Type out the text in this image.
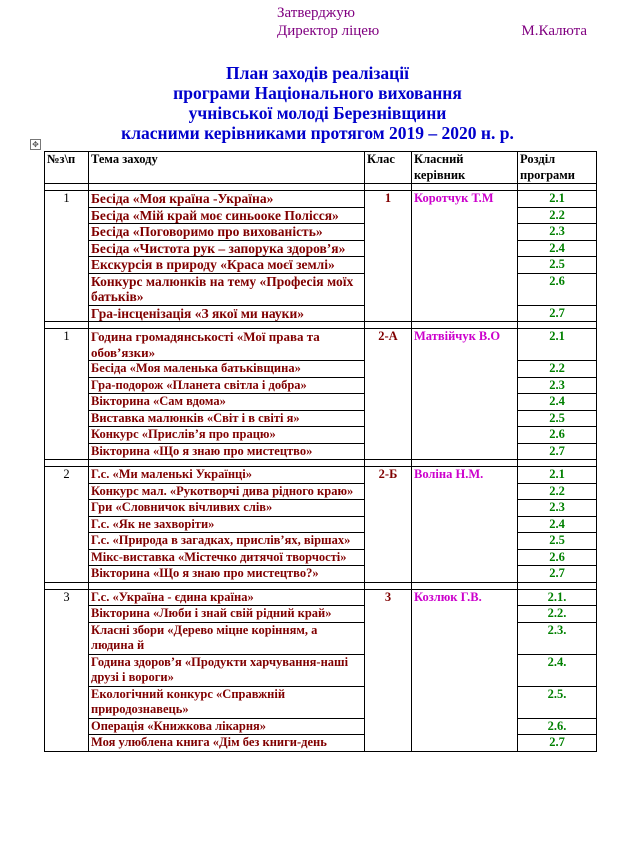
Затверджую
Директор ліцею	М.Калюта
План заходів реалізації
програми Національного виховання
учнівської молоді Березнівщини
класними керівниками протягом 2019 – 2020 н. р.
✥
№з\п	Тема заходу	Клас	Класний керівник	Розділ програми

1	Бесіда «Моя країна -Україна»	1	Коротчук Т.М	2.1
	Бесіда «Мій край моє синьооке Полісся»			2.2
	Бесіда «Поговоримо про вихованість»			2.3
	Бесіда «Чистота рук – запорука здоров’я»			2.4
	Екскурсія в природу «Краса моєї землі»			2.5
	Конкурс малюнків на тему «Професія моїх батьків»			2.6
	Гра-інсценізація «З якої ми науки»			2.7

1	Година громадянськості «Мої права та обов’язки»	2-А	Матвійчук В.О	2.1
	Бесіда «Моя маленька батьківщина»			2.2
	Гра-подорож «Планета світла і добра»			2.3
	Вікторина «Сам вдома»			2.4
	Виставка малюнків «Світ і в світі я»			2.5
	Конкурс «Прислів’я про працю»			2.6
	Вікторина «Що я знаю про мистецтво»			2.7

2	Г.с. «Ми маленькі Українці»	2-Б	Воліна Н.М.	2.1
	Конкурс мал. «Рукотворчі дива рідного краю»			2.2
	Гри «Словничок вічливих слів»			2.3
	Г.с. «Як не захворіти»			2.4
	Г.с. «Природа в загадках, прислів’ях, віршах»			2.5
	Мікс-виставка «Містечко дитячої творчості»			2.6
	Вікторина «Що я знаю про мистецтво?»			2.7

3	Г.с. «Україна - єдина країна»	3	Козлюк Г.В.	2.1.
	Вікторина «Люби і знай свій рідний край»			2.2.
	Класні збори «Дерево міцне корінням, а людина й			2.3.
	Година здоров’я «Продукти харчування-наші друзі і вороги»			2.4.
	Екологічний конкурс «Справжній природознавець»			2.5.
	Операція «Книжкова лікарня»			2.6.
	Моя улюблена книга «Дім без книги-день			2.7
